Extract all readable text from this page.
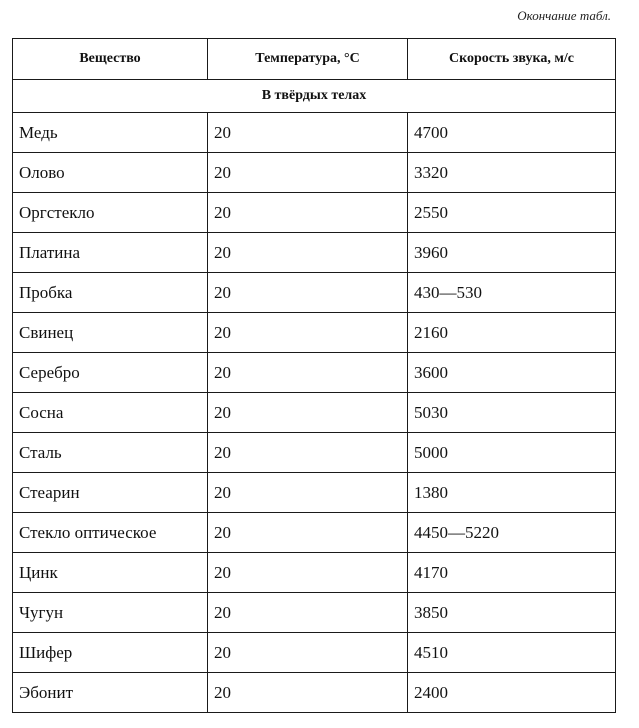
Окончание табл.
Вещество	Температура, °С	Скорость звука, м/с
В твёрдых телах		
Медь	20	4700
Олово	20	3320
Оргстекло	20	2550
Платина	20	3960
Пробка	20	430—530
Свинец	20	2160
Серебро	20	3600
Сосна	20	5030
Сталь	20	5000
Стеарин	20	1380
Стекло оптическое	20	4450—5220
Цинк	20	4170
Чугун	20	3850
Шифер	20	4510
Эбонит	20	2400
